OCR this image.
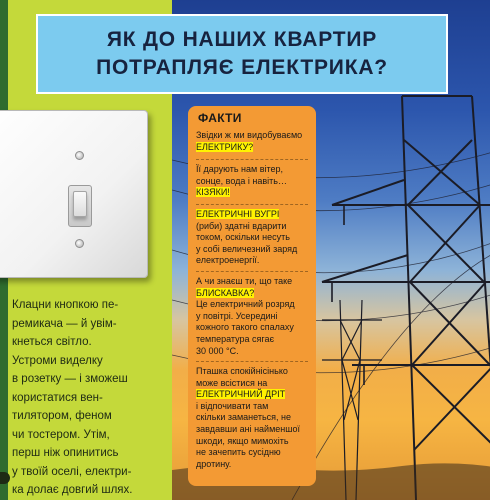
Клацни кнопкою пе-

ремикача — й увім-

кнеться світло.

Устроми виделку

в розетку — і зможеш

користатися вен-

тилятором, феном

чи тостером. Утім,

перш ніж опинитись

у твоїй оселі, електри-

ка долає довгий шлях.

ЯК ДО НАШИХ КВАРТИР
ПОТРАПЛЯЄ ЕЛЕКТРИКА?
ФАКТИ
Звідки ж ми видобуваємо
ЕЛЕКТРИКУ?
Її дарують нам вітер,
сонце, вода і навіть…
КІЗЯКИ!
ЕЛЕКТРИЧНІ ВУГРІ
(риби) здатні вдарити
током, оскільки несуть
у собі величезний заряд
електроенергії.
А чи знаєш ти, що таке
БЛИСКАВКА?
Це електричний розряд
у повітрі. Усередині
кожного такого спалаху
температура сягає
30 000 °С.
Пташка спокійнісінько
може всістися на
ЕЛЕКТРИЧНИЙ ДРІТ
і відпочивати там
скільки заманеться, не
завдавши ані найменшої
шкоди, якщо мимохіть
не зачепить сусідню
дротину.
